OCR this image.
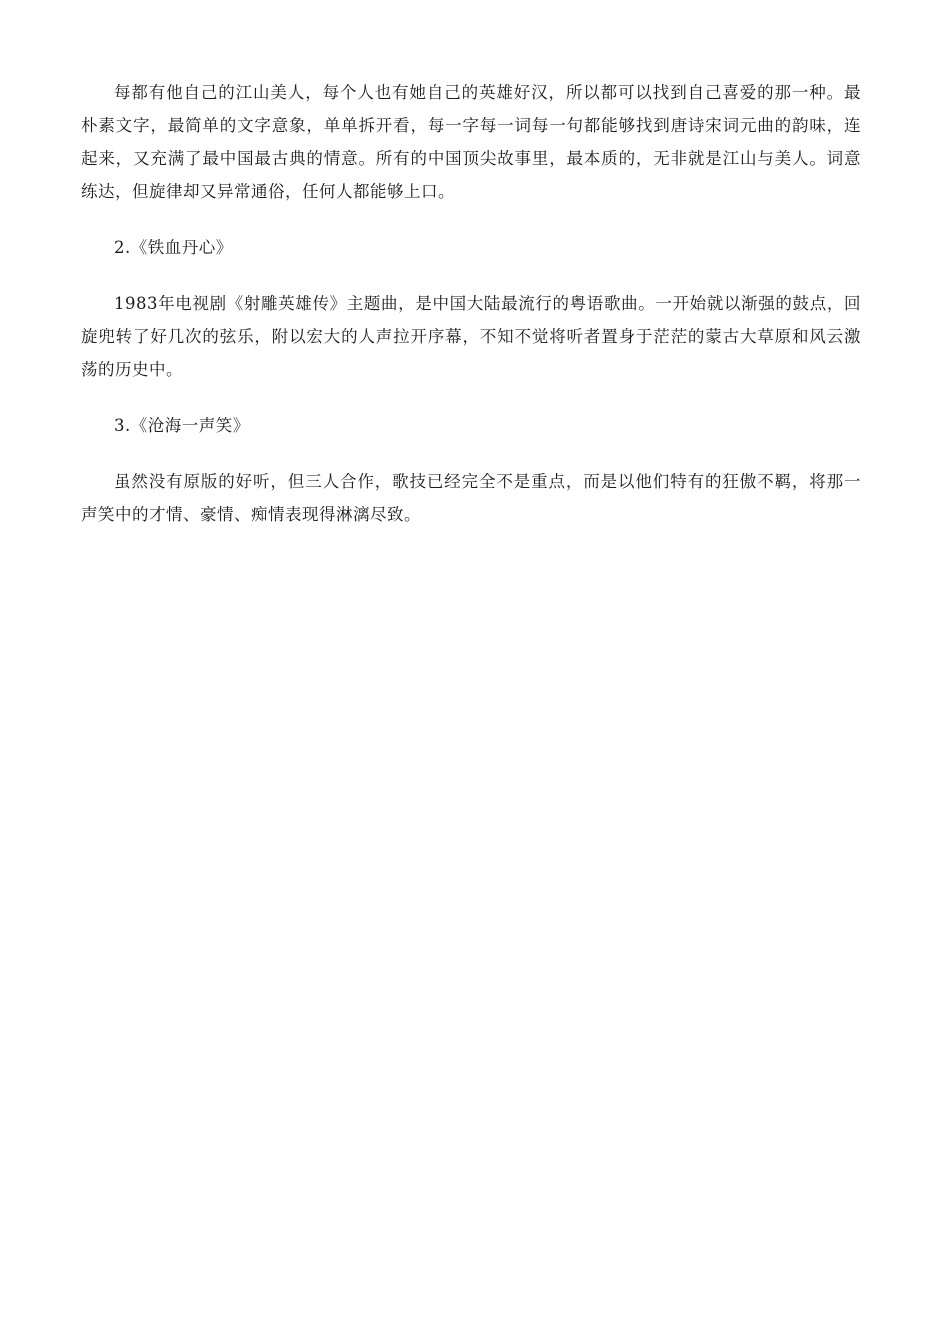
每都有他自己的江山美人，每个人也有她自己的英雄好汉，所以都可以找到自己喜爱的那一种。最朴素文字，最简单的文字意象，单单拆开看，每一字每一词每一句都能够找到唐诗宋词元曲的韵味，连起来，又充满了最中国最古典的情意。所有的中国顶尖故事里，最本质的，无非就是江山与美人。词意练达，但旋律却又异常通俗，任何人都能够上口。

2.《铁血丹心》

1983年电视剧《射雕英雄传》主题曲，是中国大陆最流行的粤语歌曲。一开始就以渐强的鼓点，回旋兜转了好几次的弦乐，附以宏大的人声拉开序幕，不知不觉将听者置身于茫茫的蒙古大草原和风云激荡的历史中。

3.《沧海一声笑》

虽然没有原版的好听，但三人合作，歌技已经完全不是重点，而是以他们特有的狂傲不羁，将那一声笑中的才情、豪情、痴情表现得淋漓尽致。
